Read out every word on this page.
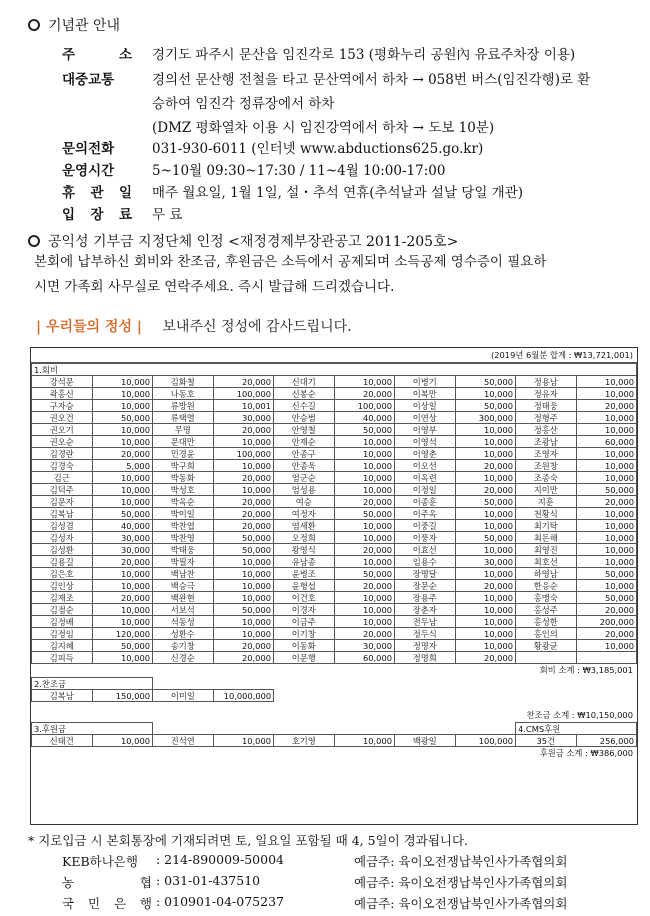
기념관 안내
주 소 경기도 파주시 문산읍 임진각로 153 (평화누리 공원內 유료주차장 이용)
대중교통	경의선 문산행 전철을 타고 문산역에서 하차 → 058번 버스(임진각행)로 환
승하여 임진각 정류장에서 하차
(DMZ 평화열차 이용 시 임진강역에서 하차 → 도보 10분)
문의전화	031-930-6011 (인터넷 www.abductions625.go.kr)
운영시간	5~10월 09:30~17:30 / 11~4월 10:00-17:00
휴 관 일 매주 월요일, 1월 1일, 설・추석 연휴(추석날과 설날 당일 개관)
입 장 료 무 료
공익성 기부금 지정단체 인정 <재정경제부장관공고 2011-205호>
본회에 납부하신 회비와 찬조금, 후원금은 소득에서 공제되며 소득공제 영수증이 필요하
시면 가족회 사무실로 연락주세요. 즉시 발급해 드리겠습니다.
| 우리들의 정성 | 보내주신 정성에 감사드립니다.
(2019년 6월분 합계 : ₩13,721,001)
1.회비									
강석문	10,000	김화철	20,000	신대기	10,000	이병기	50,000	정용남	10,000
곽홍신	10,000	나동호	100,000	신봉순	20,000	이복만	10,000	정유자	10,000
구자승	10,000	류방원	10,001	신수길	100,000	이상일	50,000	정태웅	20,000
권오건	50,000	류택열	30,000	안승범	40,000	이연상	300,000	정형주	10,000
권오기	10,000	무명	20,000	안영철	50,000	이영부	10,000	정홍산	10,000
권오순	10,000	문대만	10,000	안재순	10,000	이영석	10,000	조광남	60,000
김경란	20,000	민경윤	100,000	안종구	10,000	이영춘	10,000	조영자	10,000
김경숙	5,000	박구희	10,000	안종욱	10,000	이오선	20,000	조원창	10,000
김근	10,000	박동화	20,000	엄군순	10,000	이옥련	10,000	조종숙	10,000
김덕주	10,000	박성호	10,000	엄성용	10,000	이정일	20,000	지이만	50,000
김문자	10,000	박옥순	20,000	여승	20,000	이종훈	50,000	지훈	20,000
김복남	50,000	박이일	20,000	여정자	50,000	이주옥	10,000	천황식	10,000
김성겸	40,000	박찬엽	20,000	염세환	10,000	이중길	10,000	최기탁	10,000
김성자	30,000	박찬영	50,000	오정희	10,000	이풍자	50,000	최돈해	10,000
김성환	30,000	박태웅	50,000	왕영식	20,000	이효선	10,000	최영진	10,000
김용길	20,000	박필자	10,000	유남종	10,000	임용수	30,000	최호선	10,000
김은호	10,000	백남찬	10,000	윤병조	50,000	장명달	10,000	하영남	50,000
김인상	10,000	백승극	10,000	윤형섭	20,000	장문순	20,000	한응순	10,000
김재조	20,000	백완현	10,000	이건호	10,000	장용주	10,000	홍맹숙	50,000
김점순	10,000	서보석	50,000	이경자	10,000	장춘자	10,000	홍성주	20,000
김정배	10,000	석동성	10,000	이금주	10,000	전두남	10,000	홍성한	200,000
김정임	120,000	성환수	10,000	이기창	20,000	정두식	10,000	홍인의	20,000
김지혜	50,000	송기창	20,000	이동화	30,000	정명자	10,000	황광균	10,000
김피득	10,000	신경순	20,000	이문행	60,000	정명희	20,000		
회비 소계 : ₩3,185,001
2.찬조금				
김복남	150,000	이미일	10,000,000	
찬조금 소계 : ₩10,150,000
3.후원금								4.CMS후원	
신태건	10,000	진석연	10,000	호기영	10,000	백광일	100,000	35건	256,000
후원금 소계 : ₩386,000
* 지로입금 시 본회통장에 기재되려면 토, 일요일 포함될 때 4, 5일이 경과됩니다.
KEB하나은행	: 214-890009-50004	예금주: 육이오전쟁납북인사가족협의회
농 협 : 031-01-437510	예금주: 육이오전쟁납북인사가족협의회
국 민 은 행 : 010901-04-075237	예금주: 육이오전쟁납북인사가족협의회
